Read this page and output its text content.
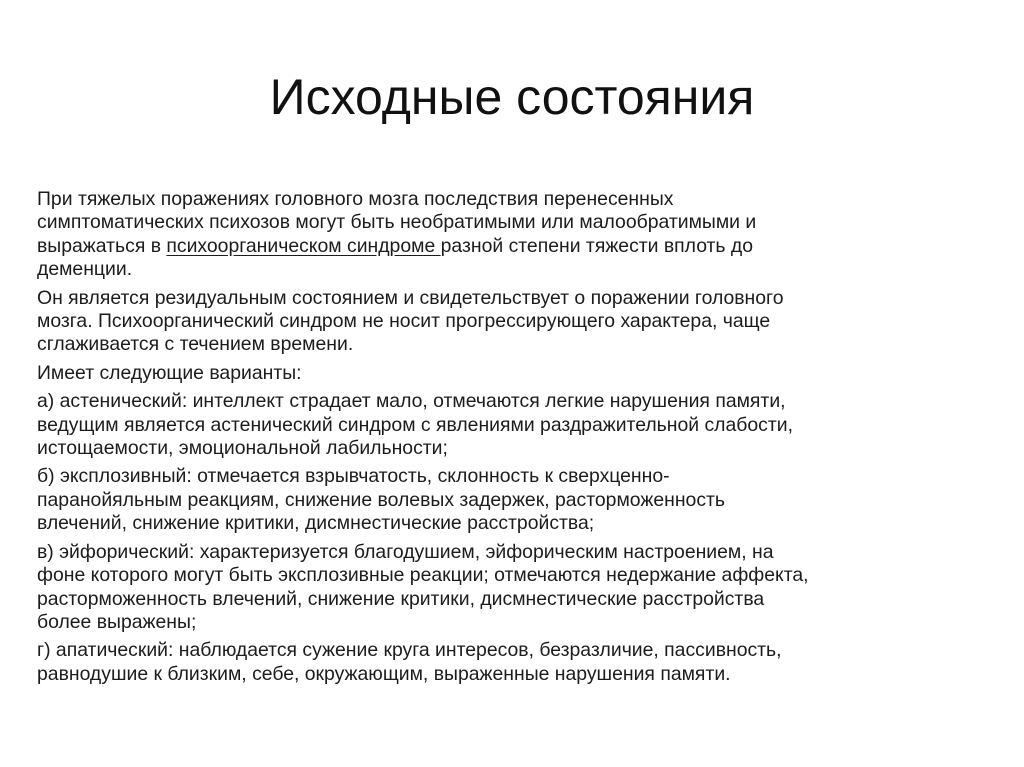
Исходные состояния

При тяжелых поражениях головного мозга последствия перенесенных
симптоматических психозов могут быть необратимыми или малообратимыми и
выражаться в психоорганическом синдроме разной степени тяжести вплоть до
деменции.

Он является резидуальным состоянием и свидетельствует о поражении головного
мозга. Психоорганический синдром не носит прогрессирующего характера, чаще
сглаживается с течением времени.

Имеет следующие варианты:

а) астенический: интеллект страдает мало, отмечаются легкие нарушения памяти,
ведущим является астенический синдром с явлениями раздражительной слабости,
истощаемости, эмоциональной лабильности;

б) эксплозивный: отмечается взрывчатость, склонность к сверхценно-
паранойяльным реакциям, снижение волевых задержек, расторможенность
влечений, снижение критики, дисмнестические расстройства;

в) эйфорический: характеризуется благодушием, эйфорическим настроением, на
фоне которого могут быть эксплозивные реакции; отмечаются недержание аффекта,
расторможенность влечений, снижение критики, дисмнестические расстройства
более выражены;

г) апатический: наблюдается сужение круга интересов, безразличие, пассивность,
равнодушие к близким, себе, окружающим, выраженные нарушения памяти.
